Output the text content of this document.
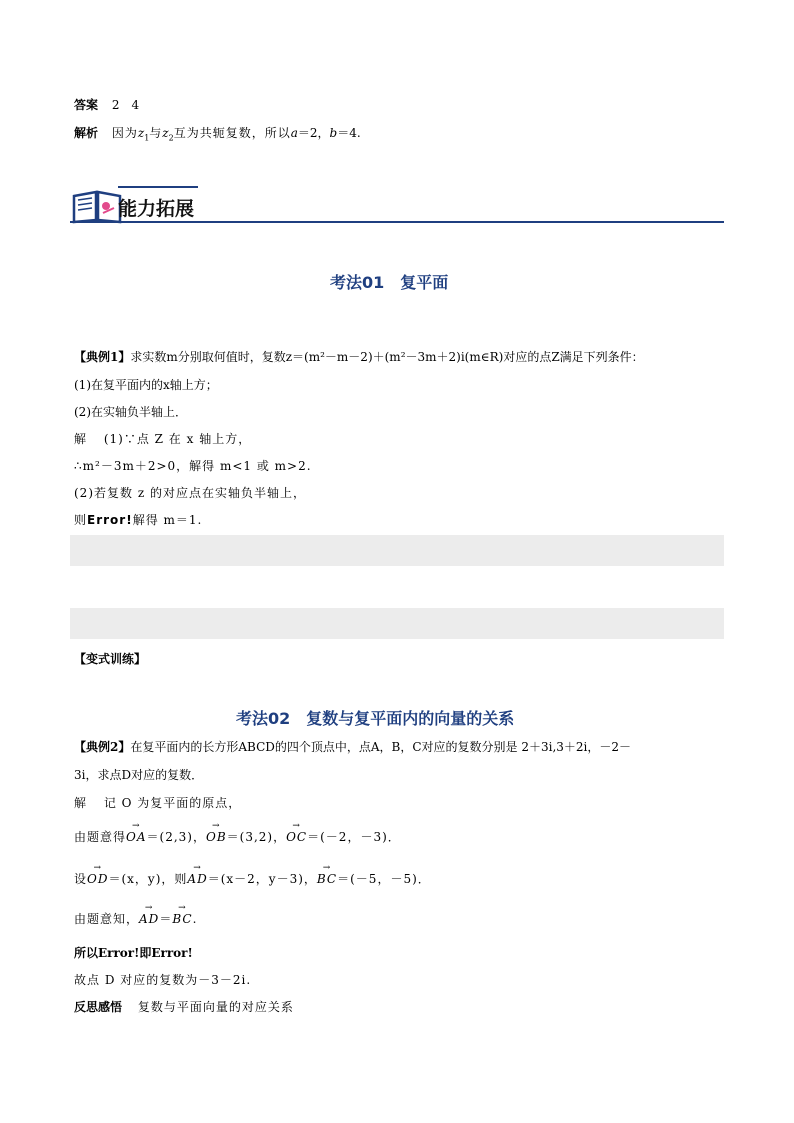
答案 2　4
解析 因为$z_1$与$z_2$互为共轭复数，所以a＝2，b＝4.
能力拓展
考法01　复平面
【典例1】求实数m分别取何值时，复数z＝(m²－m－2)＋(m²－3m＋2)i(m∈R)对应的点Z满足下列条件：
(1)在复平面内的x轴上方；
(2)在实轴负半轴上．
解 (1)∵点 Z 在 x 轴上方，
∴m²－3m＋2>0，解得 m<1 或 m>2.
(2)若复数 z 的对应点在实轴负半轴上，
则Error!解得 m＝1.
【变式训练】
考法02　复数与复平面内的向量的关系
【典例2】在复平面内的长方形ABCD的四个顶点中，点A，B，C对应的复数分别是 2＋3i,3＋2i，－2－
3i，求点D对应的复数．
解 记 O 为复平面的原点，
由题意得→ OA＝(2,3)，→ OB＝(3,2)，→ OC＝(－2，－3)．
设→ OD＝(x，y)，则→ AD＝(x－2，y－3)，→ BC＝(－5，－5)．
由题意知，→ AD＝→ BC.
所以Error!即Error!
故点 D 对应的复数为－3－2i.
反思感悟 复数与平面向量的对应关系
